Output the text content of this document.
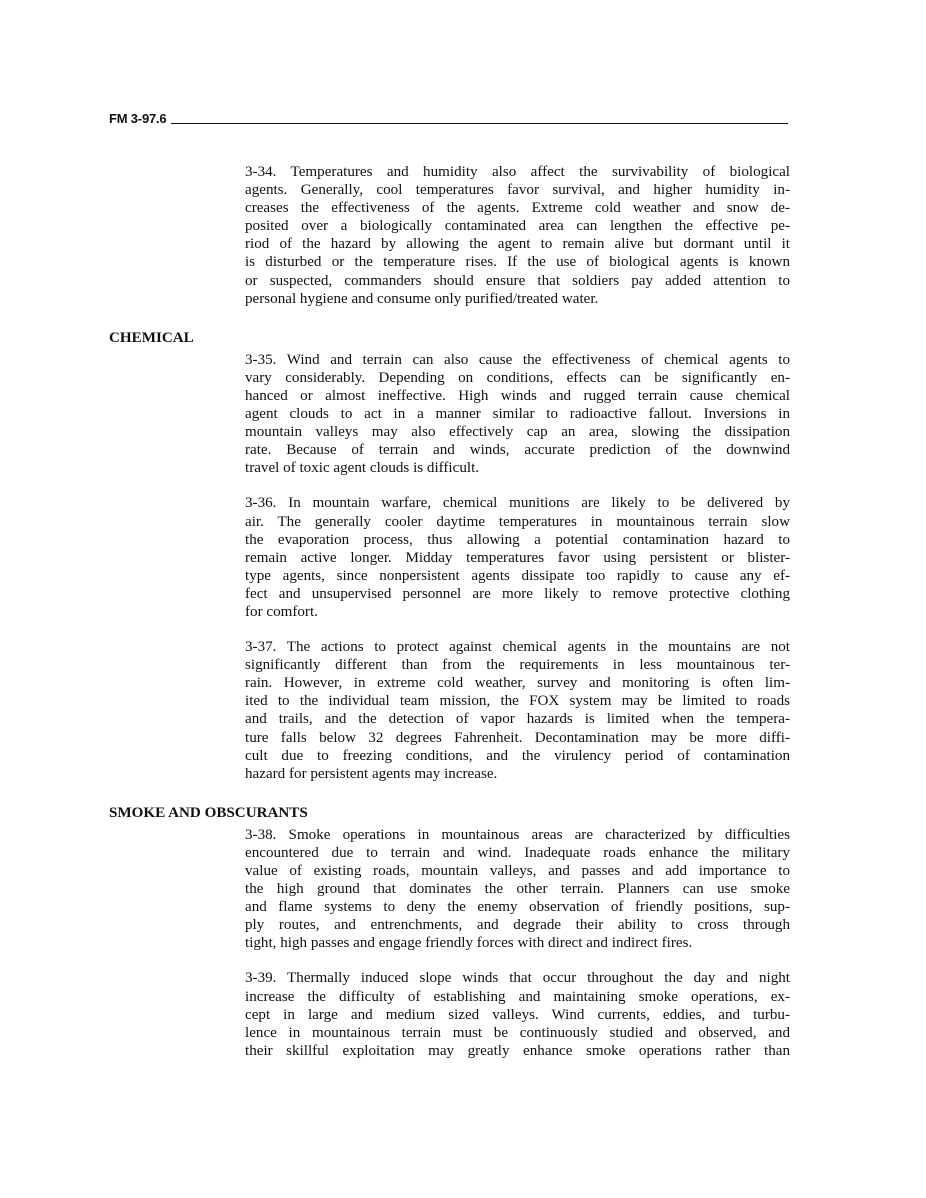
FM 3-97.6

3-34. Temperatures and humidity also affect the survivability of biological
agents. Generally, cool temperatures favor survival, and higher humidity in-
creases the effectiveness of the agents. Extreme cold weather and snow de-
posited over a biologically contaminated area can lengthen the effective pe-
riod of the hazard by allowing the agent to remain alive but dormant until it
is disturbed or the temperature rises. If the use of biological agents is known
or suspected, commanders should ensure that soldiers pay added attention to
personal hygiene and consume only purified/treated water.

CHEMICAL

3-35. Wind and terrain can also cause the effectiveness of chemical agents to
vary considerably. Depending on conditions, effects can be significantly en-
hanced or almost ineffective. High winds and rugged terrain cause chemical
agent clouds to act in a manner similar to radioactive fallout. Inversions in
mountain valleys may also effectively cap an area, slowing the dissipation
rate. Because of terrain and winds, accurate prediction of the downwind
travel of toxic agent clouds is difficult.

3-36. In mountain warfare, chemical munitions are likely to be delivered by
air. The generally cooler daytime temperatures in mountainous terrain slow
the evaporation process, thus allowing a potential contamination hazard to
remain active longer. Midday temperatures favor using persistent or blister-
type agents, since nonpersistent agents dissipate too rapidly to cause any ef-
fect and unsupervised personnel are more likely to remove protective clothing
for comfort.

3-37. The actions to protect against chemical agents in the mountains are not
significantly different than from the requirements in less mountainous ter-
rain. However, in extreme cold weather, survey and monitoring is often lim-
ited to the individual team mission, the FOX system may be limited to roads
and trails, and the detection of vapor hazards is limited when the tempera-
ture falls below 32 degrees Fahrenheit. Decontamination may be more diffi-
cult due to freezing conditions, and the virulency period of contamination
hazard for persistent agents may increase.

SMOKE AND OBSCURANTS

3-38. Smoke operations in mountainous areas are characterized by difficulties
encountered due to terrain and wind. Inadequate roads enhance the military
value of existing roads, mountain valleys, and passes and add importance to
the high ground that dominates the other terrain. Planners can use smoke
and flame systems to deny the enemy observation of friendly positions, sup-
ply routes, and entrenchments, and degrade their ability to cross through
tight, high passes and engage friendly forces with direct and indirect fires.

3-39. Thermally induced slope winds that occur throughout the day and night
increase the difficulty of establishing and maintaining smoke operations, ex-
cept in large and medium sized valleys. Wind currents, eddies, and turbu-
lence in mountainous terrain must be continuously studied and observed, and
their skillful exploitation may greatly enhance smoke operations rather than
